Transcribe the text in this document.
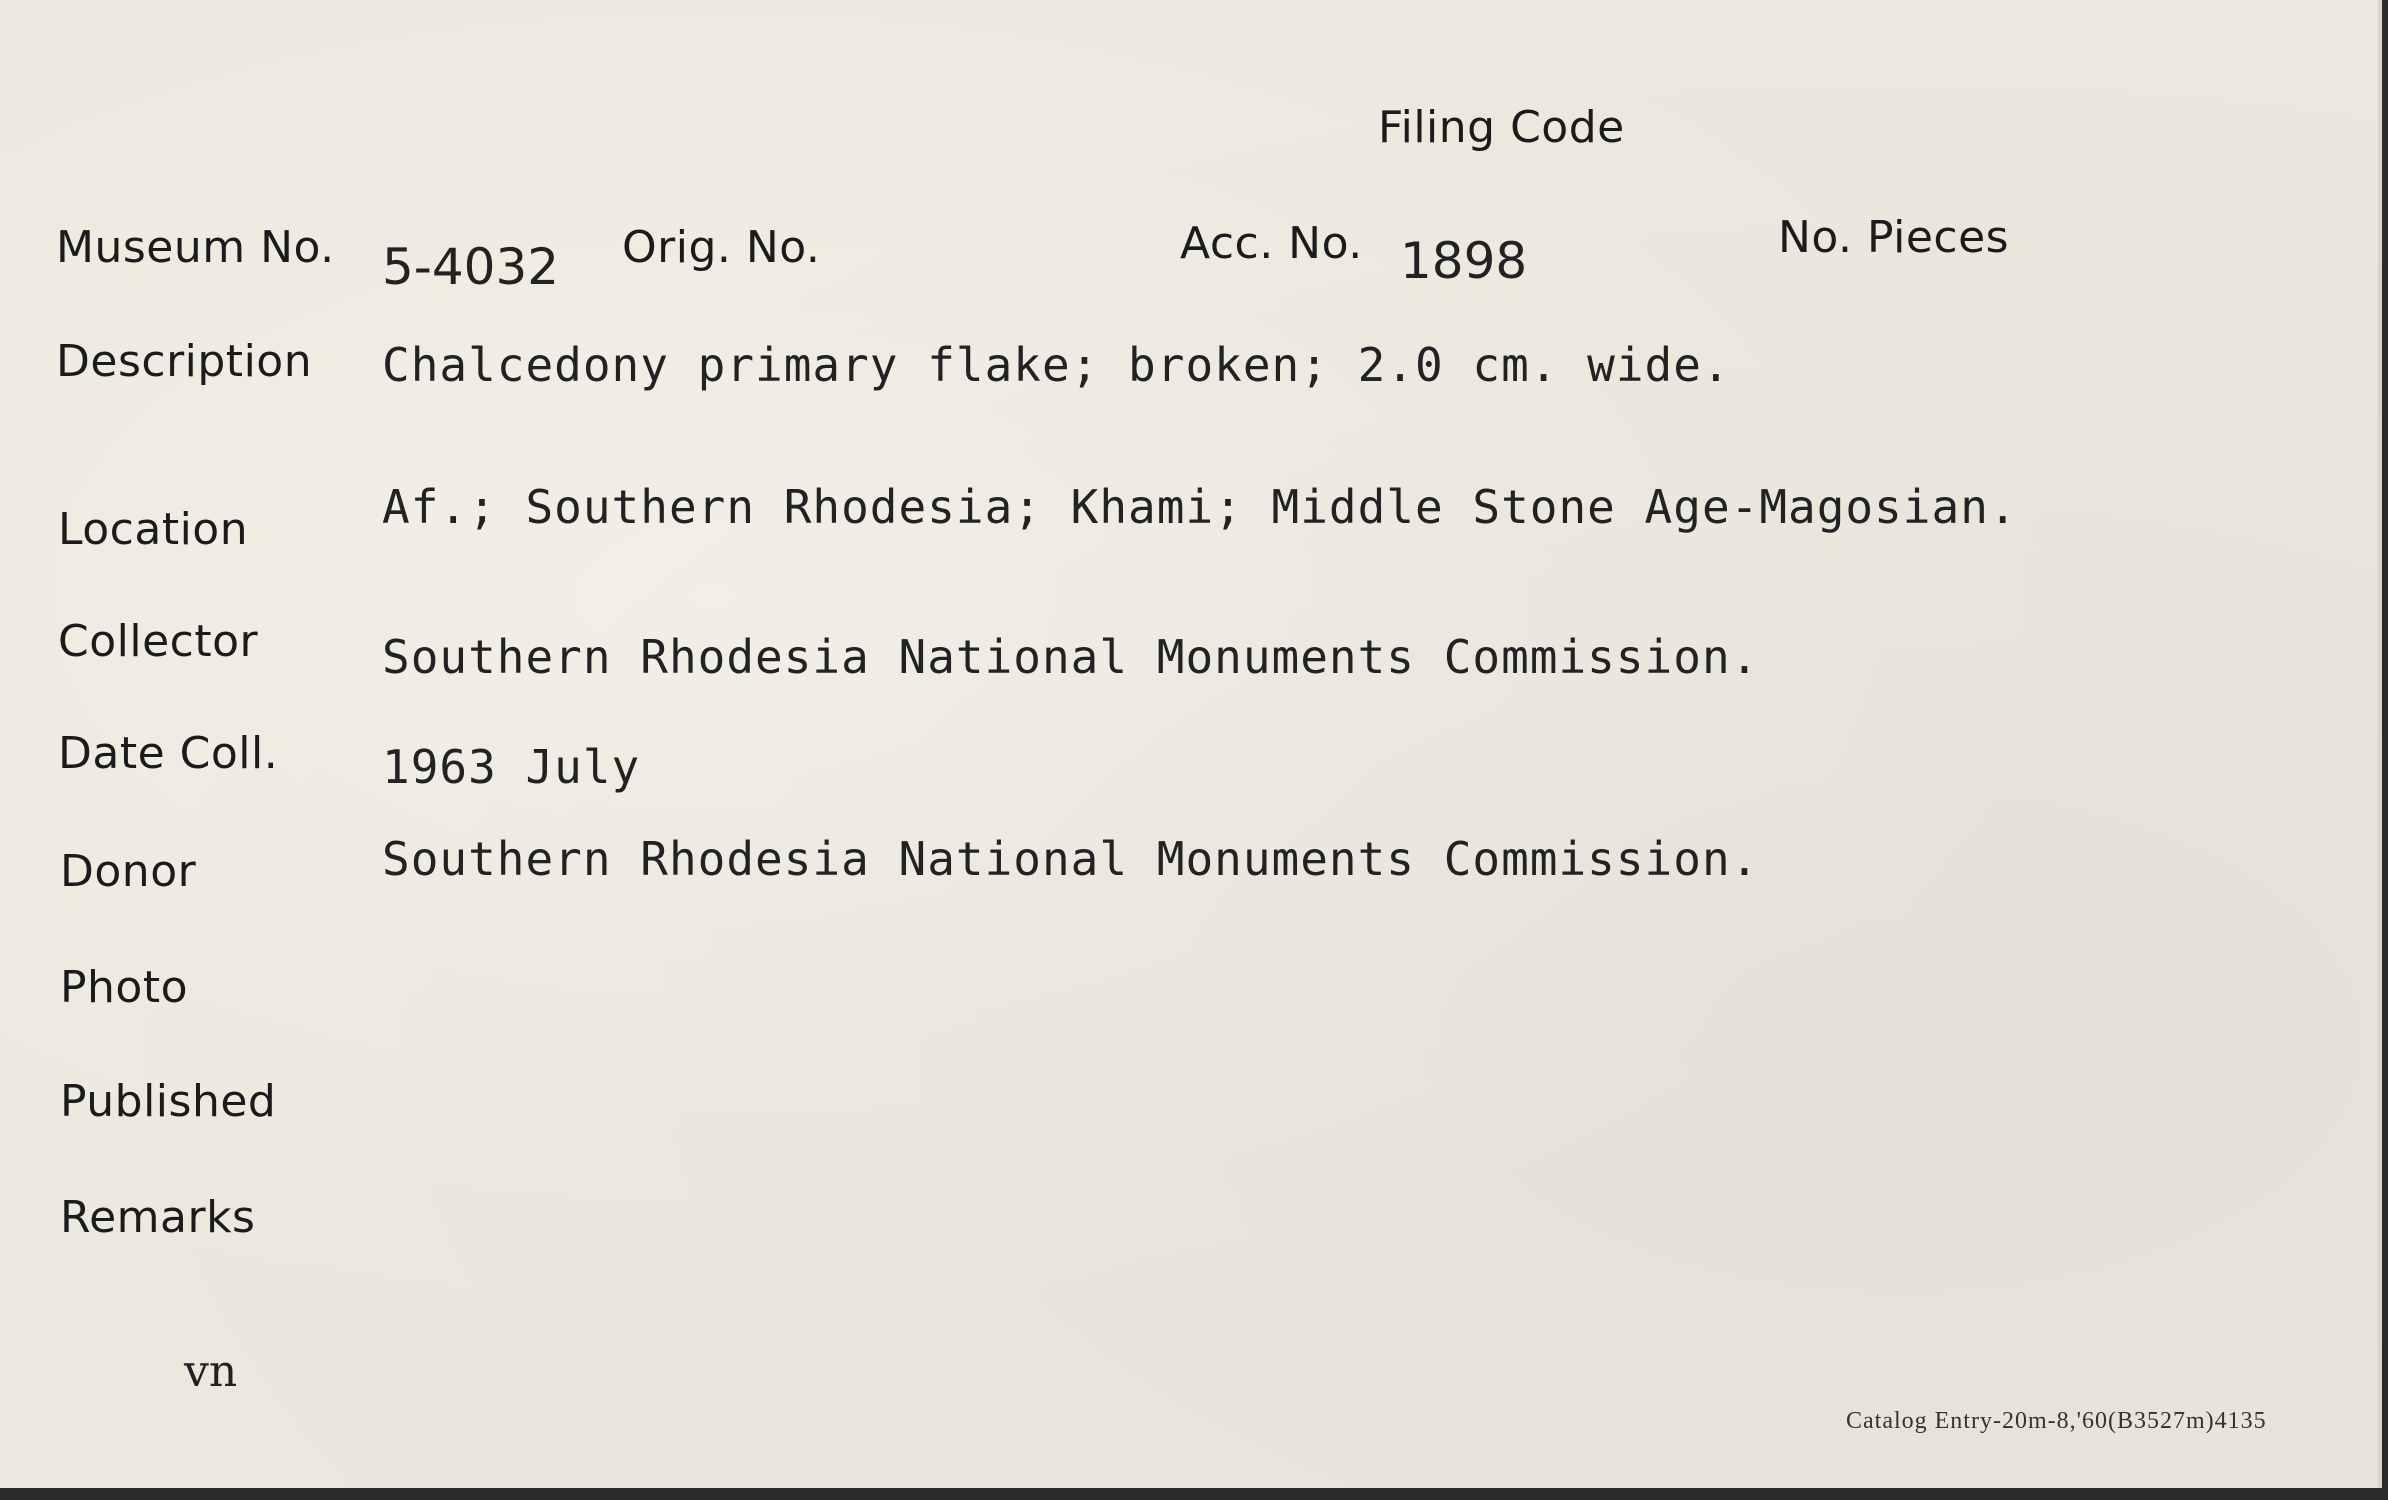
Filing Code
Museum No. 5-4032 Orig. No.	Acc. No. 1898	No. Pieces
Description Chalcedony primary flake; broken; 2.0 cm. wide.
Location	Af.; Southern Rhodesia; Khami; Middle Stone Age-Magosian.
Collector	Southern Rhodesia National Monuments Commission.
Date Coll. 1963 July
Donor	Southern Rhodesia National Monuments Commission.
Photo
Published
Remarks
vn
Catalog Entry-20m-8,'60(B3527m)4135
